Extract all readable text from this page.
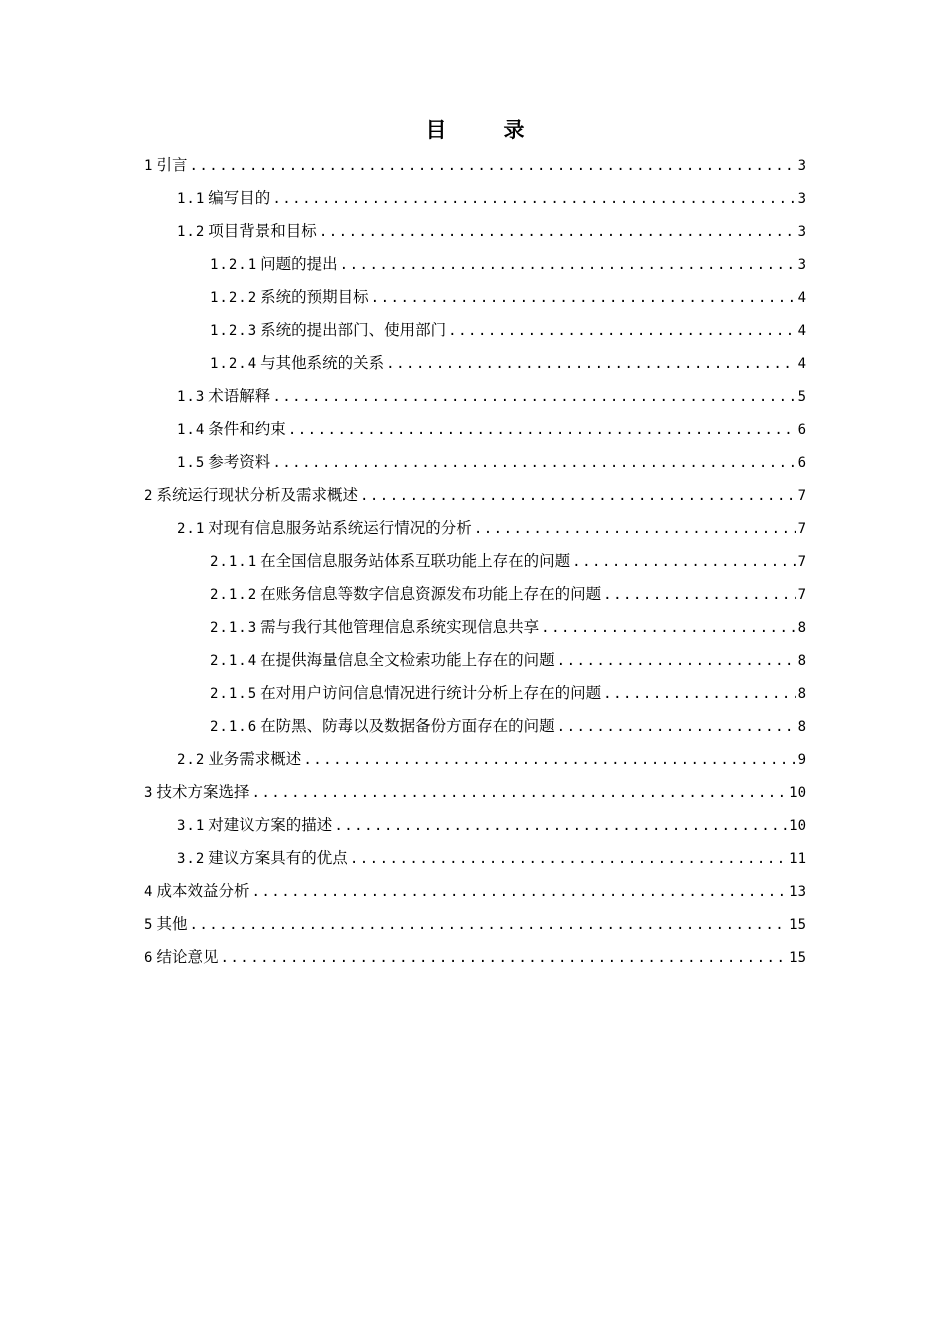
目　录
1 引言 .....	3
1.1 编写目的 .....	3
1.2 项目背景和目标 .....	3
1.2.1 问题的提出 .....	3
1.2.2 系统的预期目标 .....	4
1.2.3 系统的提出部门、使用部门 .....	4
1.2.4 与其他系统的关系 .....	4
1.3 术语解释 .....	5
1.4 条件和约束 .....	6
1.5 参考资料 .....	6
2 系统运行现状分析及需求概述 .....	7
2.1 对现有信息服务站系统运行情况的分析 .....	7
2.1.1 在全国信息服务站体系互联功能上存在的问题 .....	7
2.1.2 在账务信息等数字信息资源发布功能上存在的问题 .....	7
2.1.3 需与我行其他管理信息系统实现信息共享 .....	8
2.1.4 在提供海量信息全文检索功能上存在的问题 .....	8
2.1.5 在对用户访问信息情况进行统计分析上存在的问题 .....	8
2.1.6 在防黑、防毒以及数据备份方面存在的问题 .....	8
2.2 业务需求概述 .....	9
3 技术方案选择 .....	10
3.1 对建议方案的描述 .....	10
3.2 建议方案具有的优点 .....	11
4 成本效益分析 .....	13
5 其他 .....	15
6 结论意见 .....	15
